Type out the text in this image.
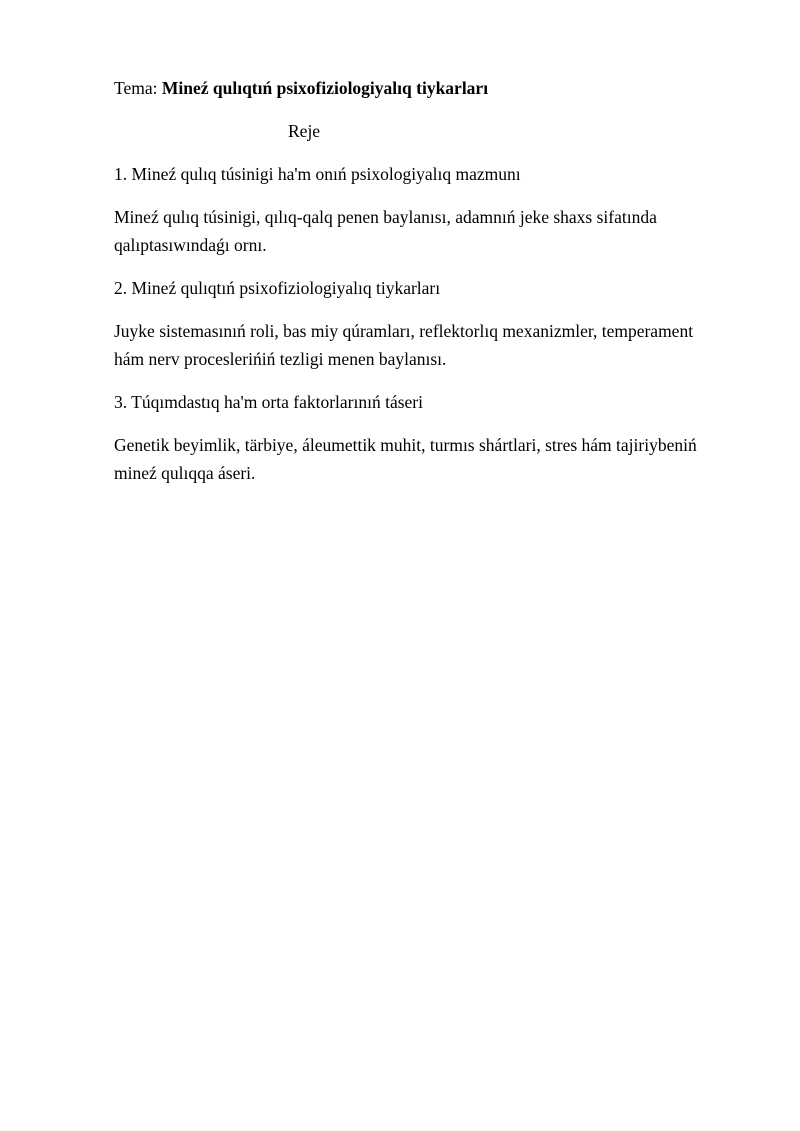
Tema: Mineź qulıqtıń psixofiziologiyalıq tiykarları

Reje

1. Mineź qulıq túsinigi ha'm onıń psixologiyalıq mazmunı

Mineź qulıq túsinigi, qılıq-qalq penen baylanısı, adamnıń jeke shaxs sifatında qalıptasıwındaǵı ornı.

2. Mineź qulıqtıń psixofiziologiyalıq tiykarları

Juyke sistemasınıń roli, bas miy qúramları, reflektorlıq mexanizmler, temperament hám nerv proceslerińiń tezligi menen baylanısı.

3. Túqımdastıq ha'm orta faktorlarınıń táseri

Genetik beyimlik, tärbiye, áleumettik muhit, turmıs shártlari, stres hám tajiriybeniń mineź qulıqqa áseri.
